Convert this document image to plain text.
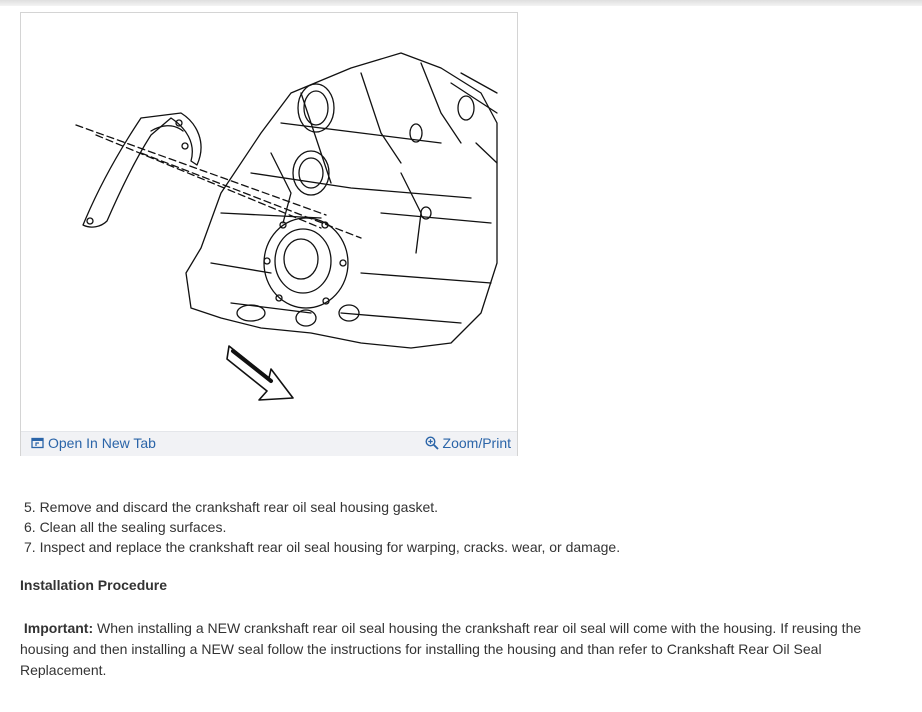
Open In New Tab	Zoom/Print
5. Remove and discard the crankshaft rear oil seal housing gasket.
6. Clean all the sealing surfaces.
7. Inspect and replace the crankshaft rear oil seal housing for warping, cracks. wear, or damage.
Installation Procedure
Important: When installing a NEW crankshaft rear oil seal housing the crankshaft rear oil seal will come with the housing. If reusing the housing and then installing a NEW seal follow the instructions for installing the housing and than refer to Crankshaft Rear Oil Seal Replacement.
